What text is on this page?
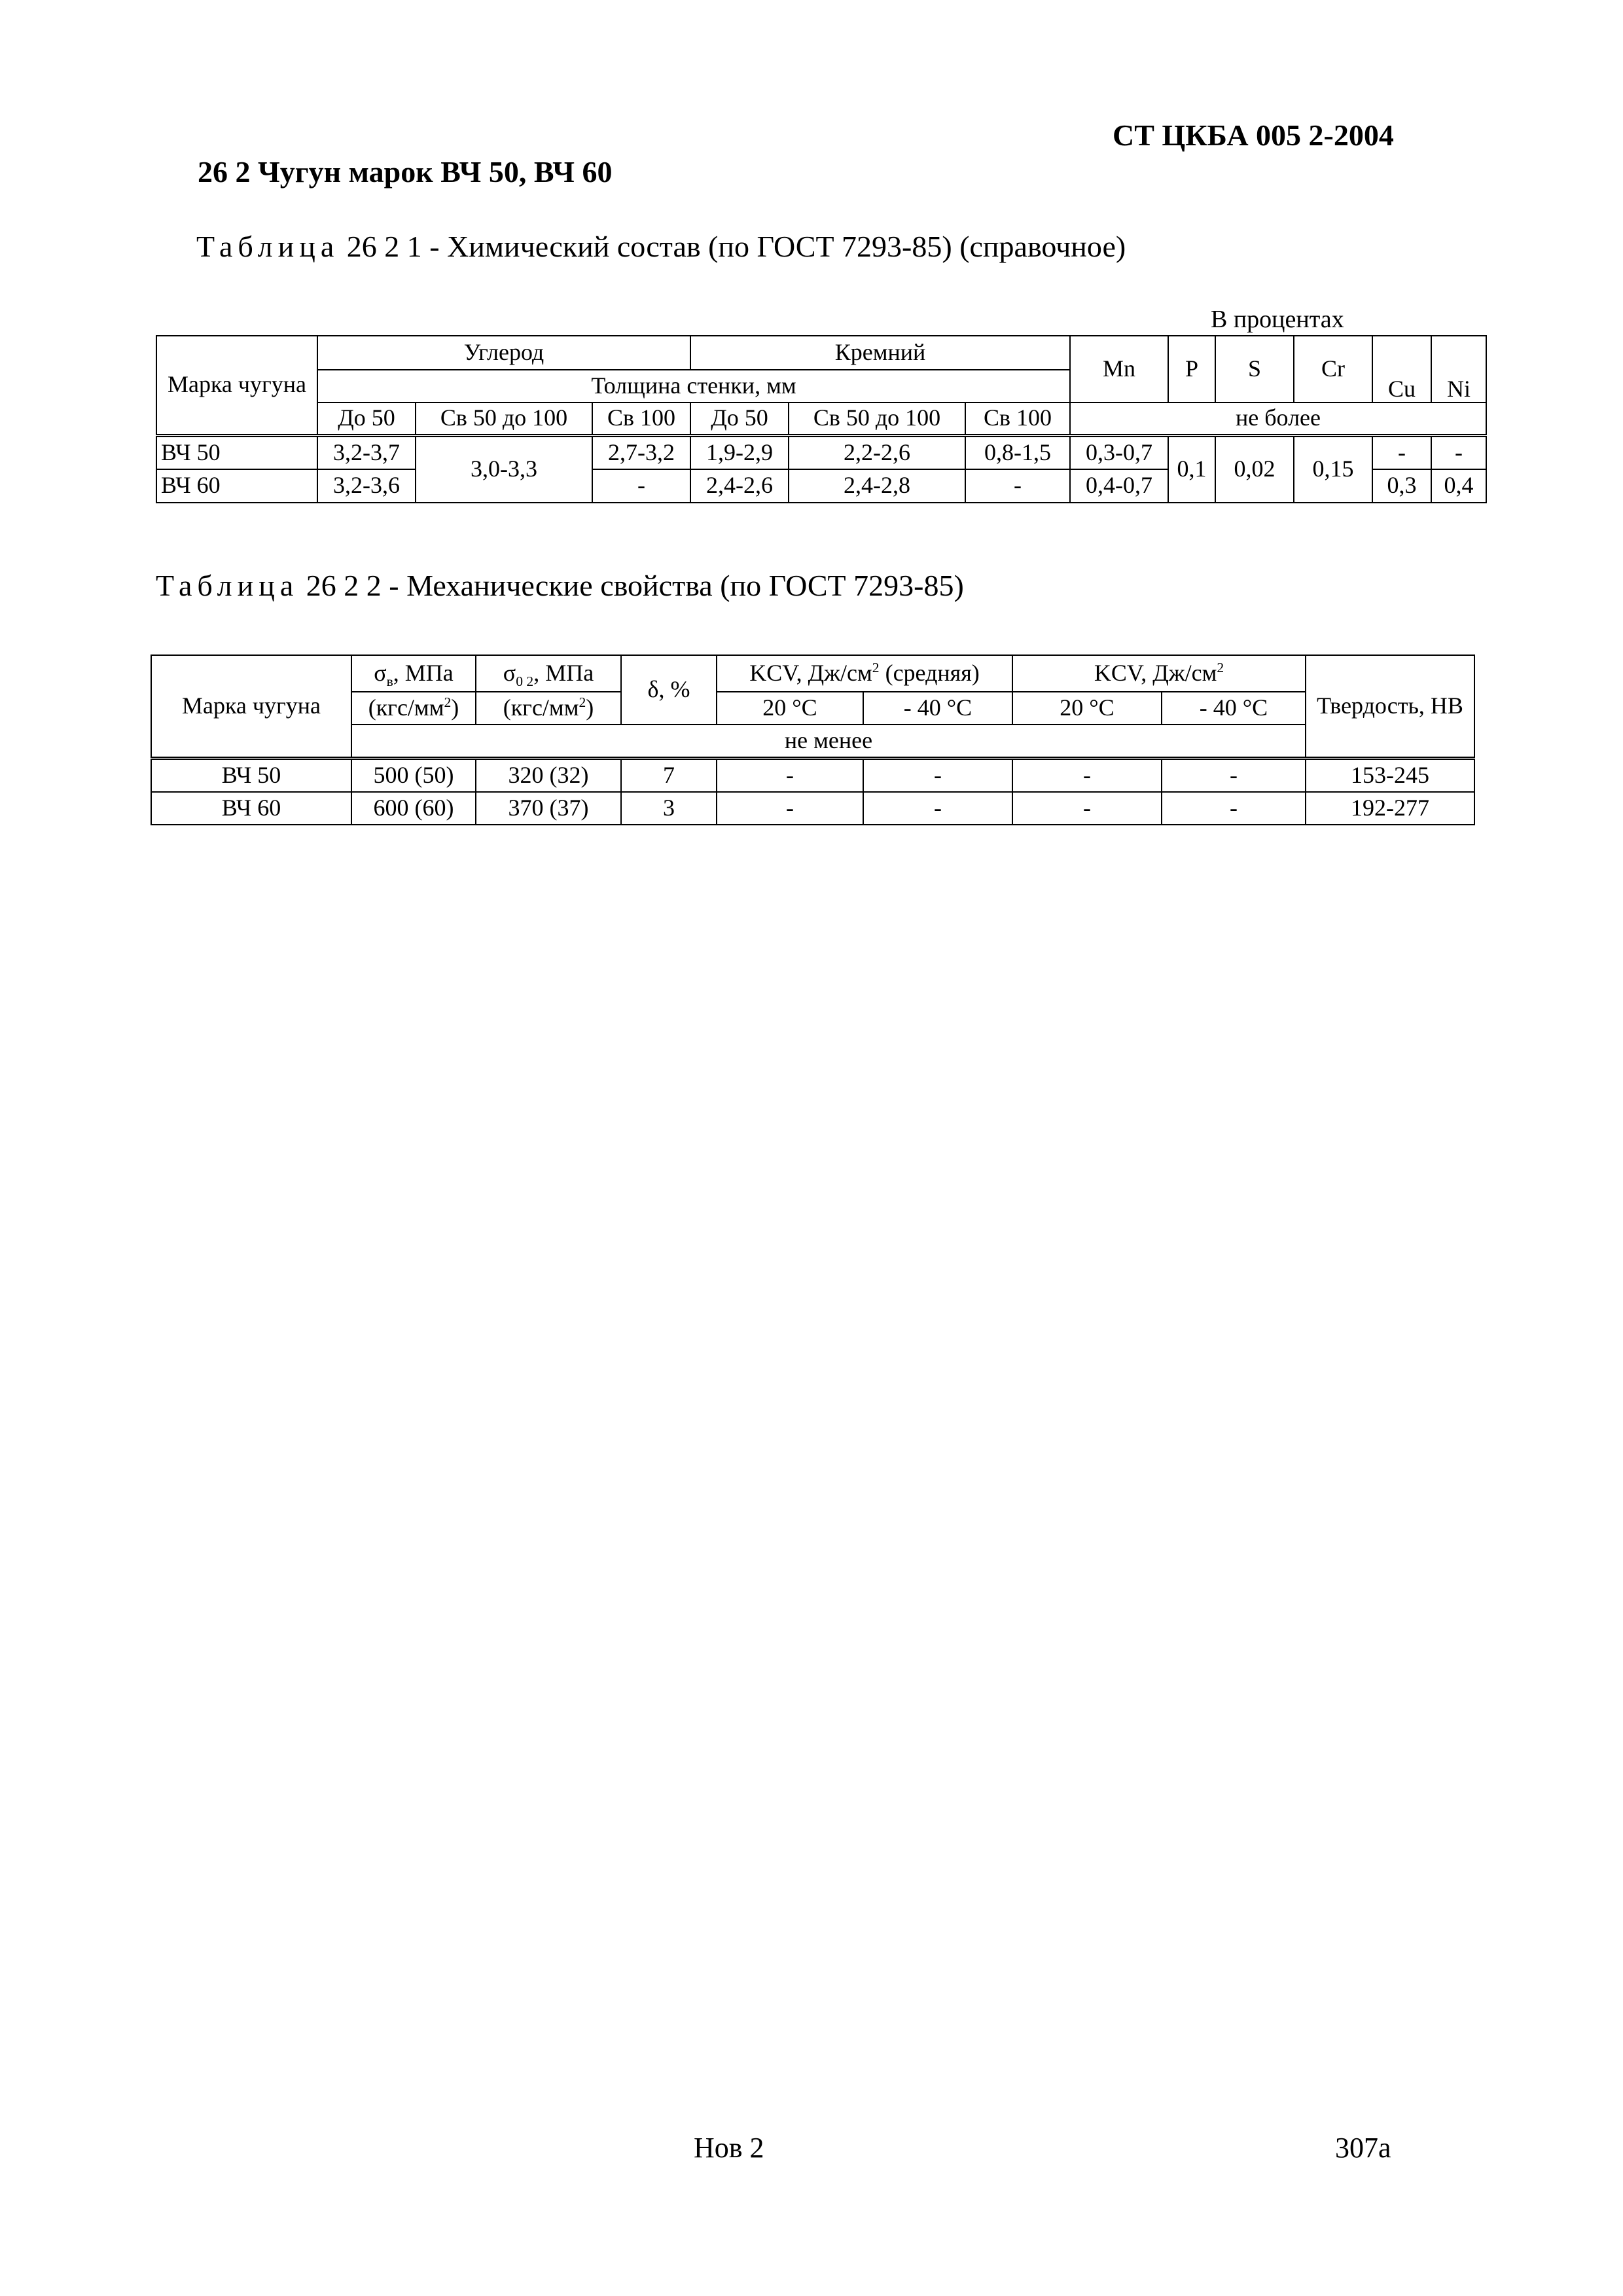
СТ ЦКБА 005 2-2004
26 2 Чугун марок ВЧ 50, ВЧ 60
Таблица 26 2 1 - Химический состав (по ГОСТ 7293-85) (справочное)
В процентах
Марка чугуна	Углерод			Кремний			Mn	P	S	Cr	Cu	Ni
	Толщина стенки, мм											
	До 50	Св 50 до 100	Св 100	До 50	Св 50 до 100	Св 100	не более					
ВЧ 50	3,2-3,7	3,0-3,3	2,7-3,2	1,9-2,9	2,2-2,6	0,8-1,5	0,3-0,7	0,1	0,02	0,15	-	-
ВЧ 60	3,2-3,6		-	2,4-2,6	2,4-2,8	-	0,4-0,7				0,3	0,4
Таблица 26 2 2 - Механические свойства (по ГОСТ 7293-85)
Марка чугуна	$\sigma_в$, МПа	$\sigma_{0 2}$, МПа	δ, %	KCV, $Дж/см^2$ (средняя)		KCV, $Дж/см^2$		Твердость, НВ
	$(кгс/мм^2)$	$(кгс/мм^2)$		20 °С	- 40 °С	20 °С	- 40 °С	
	не менее							
ВЧ 50	500 (50)	320 (32)	7	-	-	-	-	153-245
ВЧ 60	600 (60)	370 (37)	3	-	-	-	-	192-277
Нов 2	307а
